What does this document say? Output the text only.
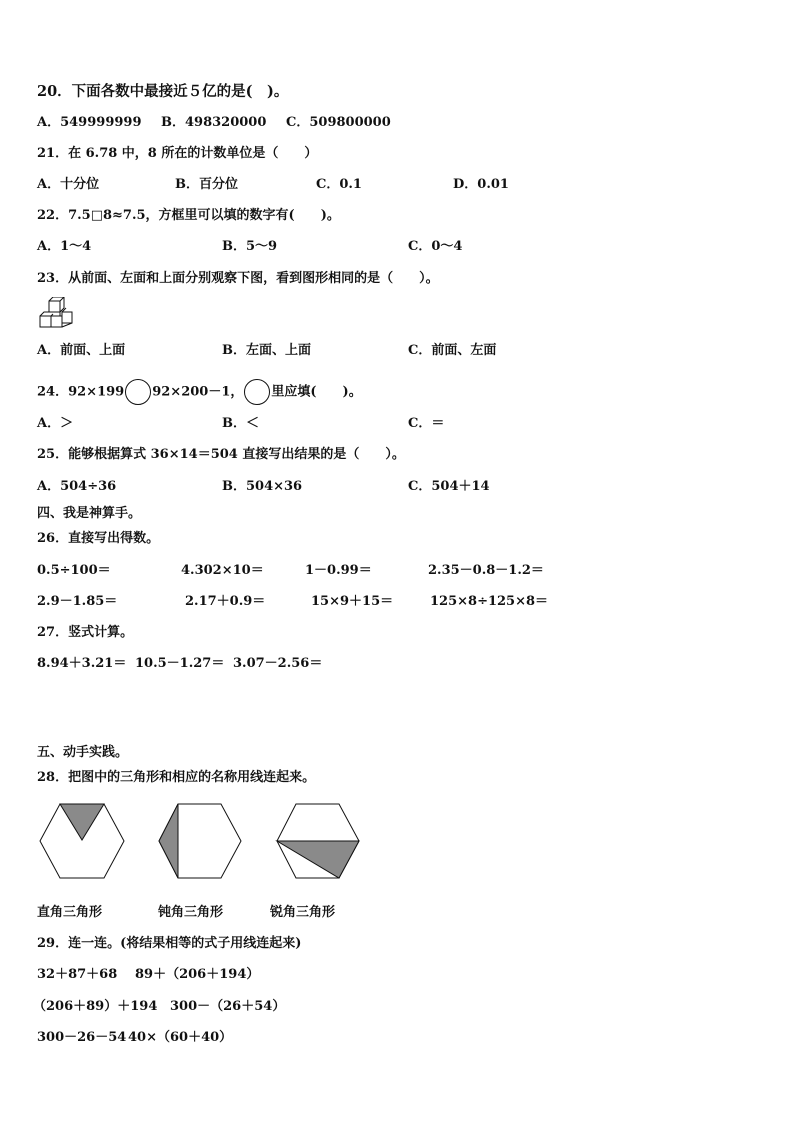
20．下面各数中最接近５亿的是(　)。
A．549999999 B．498320000 C．509800000
21．在 6.78 中，8 所在的计数单位是（　　）
A．十分位	B．百分位	C．0.1	D．0.01
22．7.5□8≈7.5，方框里可以填的数字有(　　)。
A．1～4	B．5～9	C．0～4
23．从前面、左面和上面分别观察下图，看到图形相同的是（　　）。
A．前面、上面	B．左面、上面	C．前面、左面
24．92×199 92×200－1， 里应填(　　)。
A．＞	B．＜	C．＝
25．能够根据算式 36×14＝504 直接写出结果的是（　　）。
A．504÷36	B．504×36	C．504＋14
四、我是神算手。
26．直接写出得数。
0.5÷100＝	4.302×10＝	1－0.99＝	2.35－0.8－1.2＝
2.9－1.85＝	2.17＋0.9＝	15×9＋15＝	125×8÷125×8＝
27．竖式计算。
8.94＋3.21＝ 10.5－1.27＝ 3.07－2.56＝
五、动手实践。
28．把图中的三角形和相应的名称用线连起来。
直角三角形	钝角三角形	锐角三角形
29．连一连。(将结果相等的式子用线连起来)
32＋87＋68 89＋（206＋194）
（206＋89）＋194 300－（26＋54）
300－26－54 40×（60＋40）
